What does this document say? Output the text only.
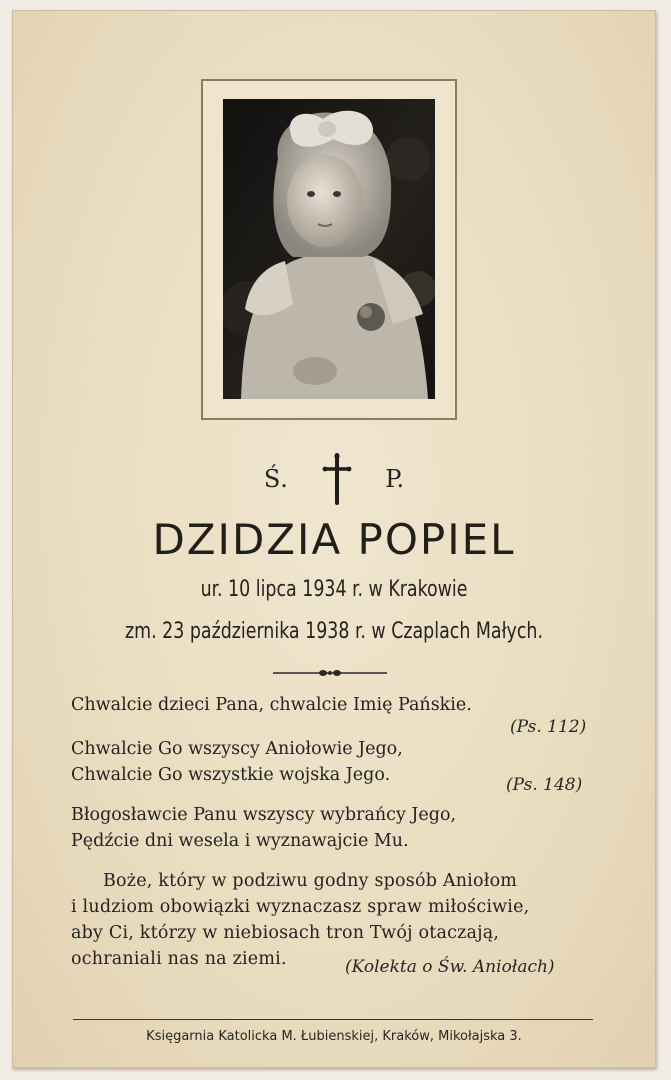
Ś.	P.
DZIDZIA POPIEL
ur. 10 lipca 1934 r. w Krakowie
zm. 23 października 1938 r. w Czaplach Małych.
Chwalcie dzieci Pana, chwalcie Imię Pańskie.
(Ps. 112)
Chwalcie Go wszyscy Aniołowie Jego,
Chwalcie Go wszystkie wojska Jego.	(Ps. 148)
Błogosławcie Panu wszyscy wybrańcy Jego,
Pędźcie dni wesela i wyznawajcie Mu.
Boże, który w podziwu godny sposób Aniołom
i ludziom obowiązki wyznaczasz spraw miłościwie,
aby Ci, którzy w niebiosach tron Twój otaczają,
ochraniali nas na ziemi.	(Kolekta o Św. Aniołach)
Księgarnia Katolicka M. Łubienskiej, Kraków, Mikołajska 3.
